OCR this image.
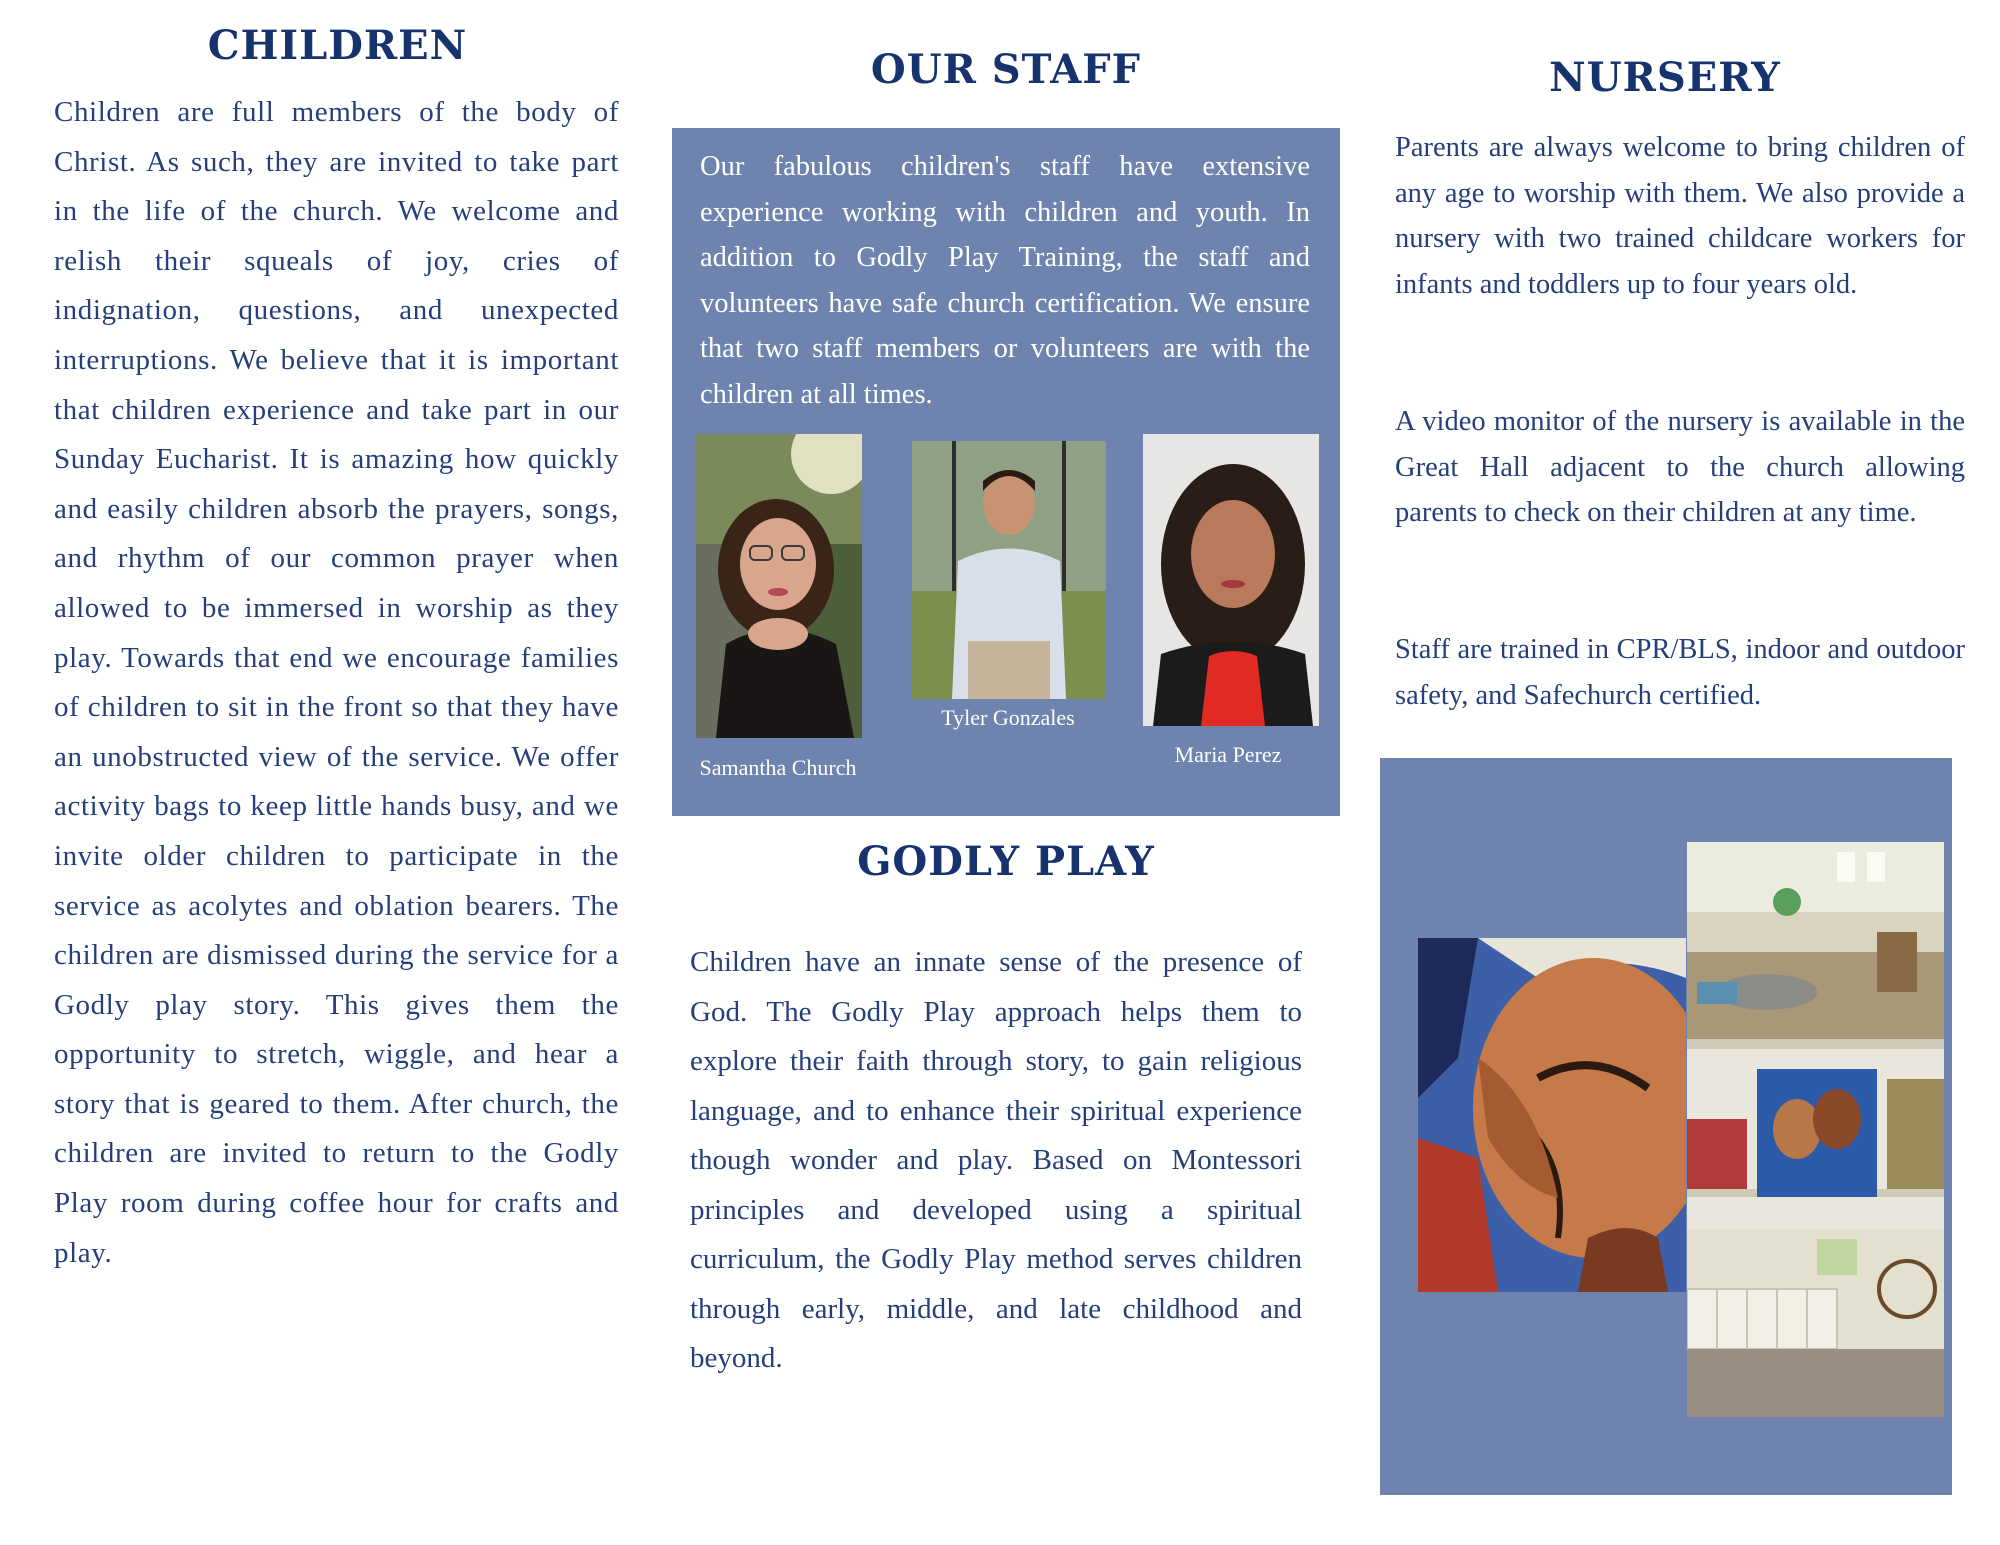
CHILDREN

Children are full members of the body of Christ. As such, they are invited to take part in the life of the church. We welcome and relish their squeals of joy, cries of indignation, questions, and unexpected interruptions. We believe that it is important that children experience and take part in our Sunday Eucharist. It is amazing how quickly and easily children absorb the prayers, songs, and rhythm of our common prayer when allowed to be immersed in worship as they play. Towards that end we encourage families of children to sit in the front so that they have an unobstructed view of the service. We offer activity bags to keep little hands busy, and we invite older children to participate in the service as acolytes and oblation bearers. The children are dismissed during the service for a Godly play story. This gives them the opportunity to stretch, wiggle, and hear a story that is geared to them. After church, the children are invited to return to the Godly Play room during coffee hour for crafts and play.

OUR STAFF

Our fabulous children's staff have extensive experience working with children and youth. In addition to Godly Play Training, the staff and volunteers have safe church certification. We ensure that two staff members or volunteers are with the children at all times.

Samantha Church

Tyler Gonzales

Maria Perez

GODLY PLAY

Children have an innate sense of the presence of God. The Godly Play approach helps them to explore their faith through story, to gain religious language, and to enhance their spiritual experience though wonder and play. Based on Montessori principles and developed using a spiritual curriculum, the Godly Play method serves children through early, middle, and late childhood and beyond.

NURSERY

Parents are always welcome to bring children of any age to worship with them. We also provide a nursery with two trained childcare workers for infants and toddlers up to four years old.

A video monitor of the nursery is available in the Great Hall adjacent to the church allowing parents to check on their children at any time.

Staff are trained in CPR/BLS, indoor and outdoor safety, and Safechurch certified.
